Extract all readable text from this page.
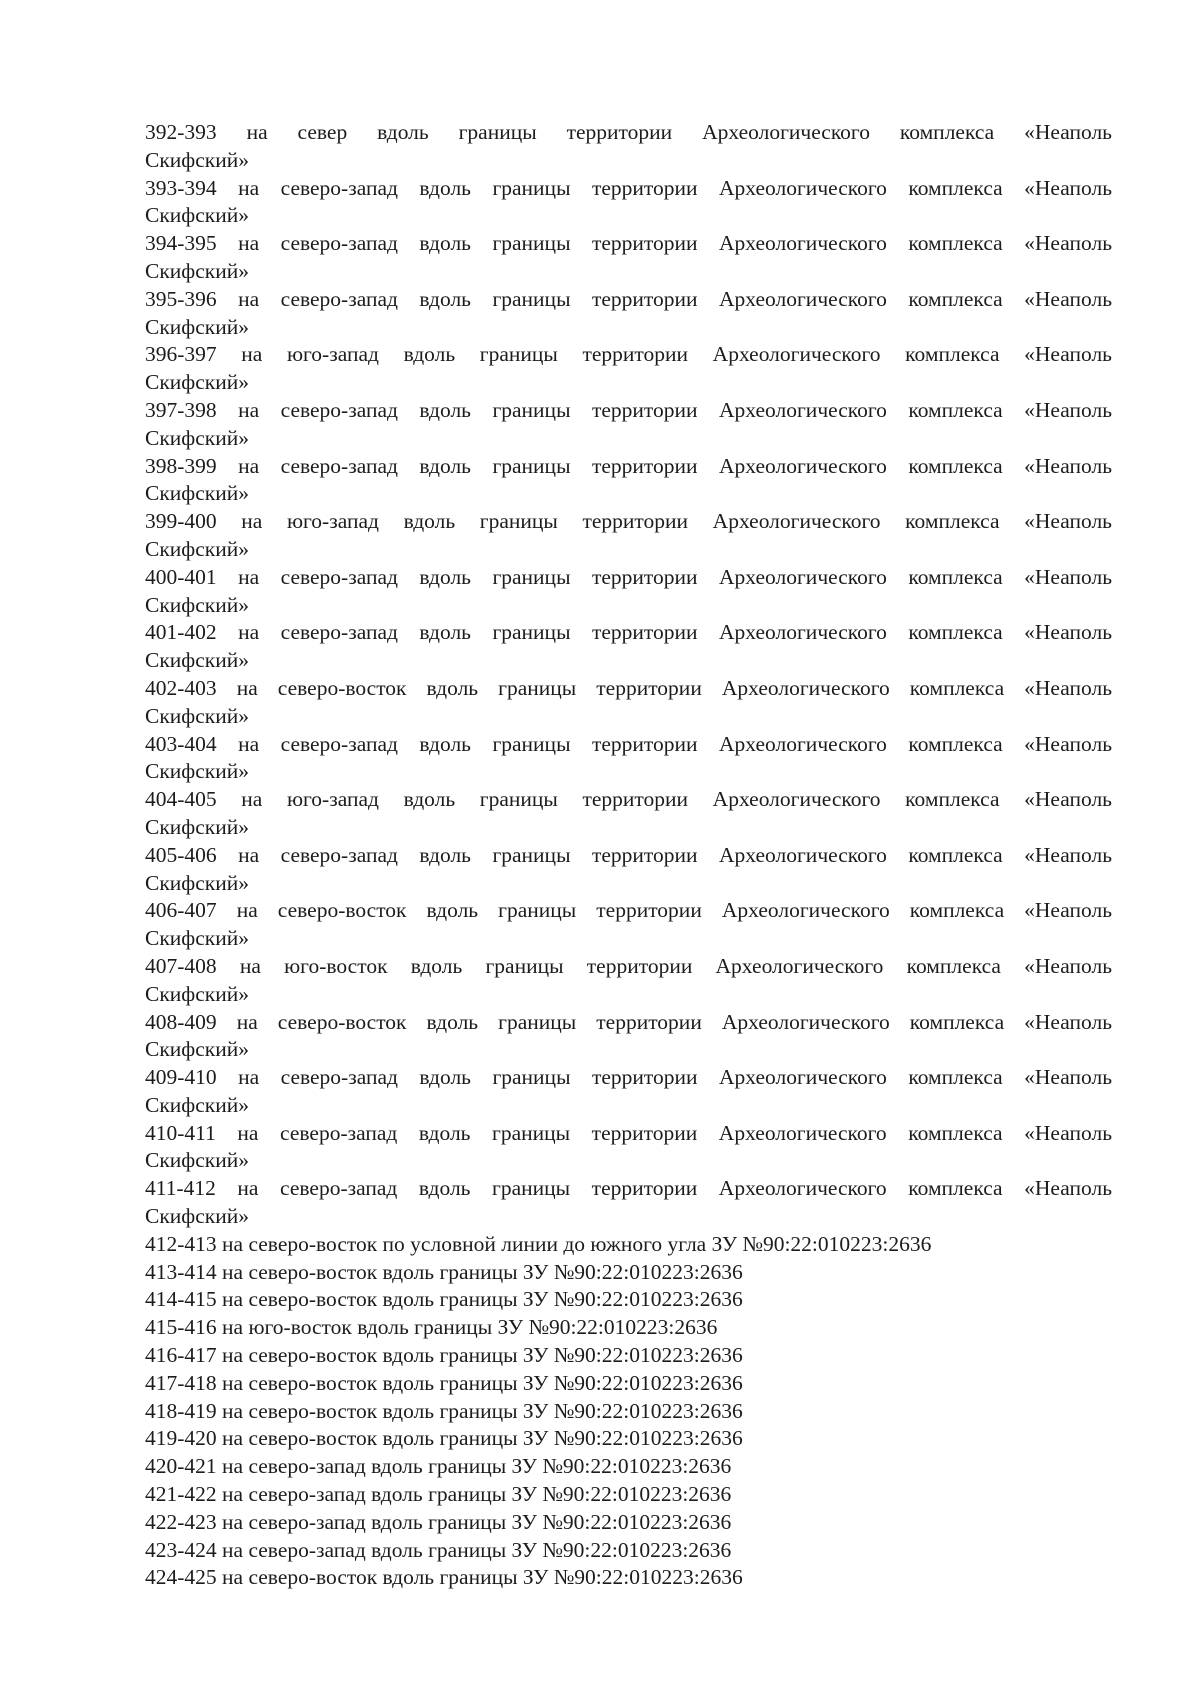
392-393 на север вдоль границы территории Археологического комплекса «Неаполь
Скифский»

393-394 на северо-запад вдоль границы территории Археологического комплекса «Неаполь
Скифский»

394-395 на северо-запад вдоль границы территории Археологического комплекса «Неаполь
Скифский»

395-396 на северо-запад вдоль границы территории Археологического комплекса «Неаполь
Скифский»

396-397 на юго-запад вдоль границы территории Археологического комплекса «Неаполь
Скифский»

397-398 на северо-запад вдоль границы территории Археологического комплекса «Неаполь
Скифский»

398-399 на северо-запад вдоль границы территории Археологического комплекса «Неаполь
Скифский»

399-400 на юго-запад вдоль границы территории Археологического комплекса «Неаполь
Скифский»

400-401 на северо-запад вдоль границы территории Археологического комплекса «Неаполь
Скифский»

401-402 на северо-запад вдоль границы территории Археологического комплекса «Неаполь
Скифский»

402-403 на северо-восток вдоль границы территории Археологического комплекса «Неаполь
Скифский»

403-404 на северо-запад вдоль границы территории Археологического комплекса «Неаполь
Скифский»

404-405 на юго-запад вдоль границы территории Археологического комплекса «Неаполь
Скифский»

405-406 на северо-запад вдоль границы территории Археологического комплекса «Неаполь
Скифский»

406-407 на северо-восток вдоль границы территории Археологического комплекса «Неаполь
Скифский»

407-408 на юго-восток вдоль границы территории Археологического комплекса «Неаполь
Скифский»

408-409 на северо-восток вдоль границы территории Археологического комплекса «Неаполь
Скифский»

409-410 на северо-запад вдоль границы территории Археологического комплекса «Неаполь
Скифский»

410-411 на северо-запад вдоль границы территории Археологического комплекса «Неаполь
Скифский»

411-412 на северо-запад вдоль границы территории Археологического комплекса «Неаполь
Скифский»

412-413 на северо-восток по условной линии до южного угла ЗУ №90:22:010223:2636

413-414 на северо-восток вдоль границы ЗУ №90:22:010223:2636

414-415 на северо-восток вдоль границы ЗУ №90:22:010223:2636

415-416 на юго-восток вдоль границы ЗУ №90:22:010223:2636

416-417 на северо-восток вдоль границы ЗУ №90:22:010223:2636

417-418 на северо-восток вдоль границы ЗУ №90:22:010223:2636

418-419 на северо-восток вдоль границы ЗУ №90:22:010223:2636

419-420 на северо-восток вдоль границы ЗУ №90:22:010223:2636

420-421 на северо-запад вдоль границы ЗУ №90:22:010223:2636

421-422 на северо-запад вдоль границы ЗУ №90:22:010223:2636

422-423 на северо-запад вдоль границы ЗУ №90:22:010223:2636

423-424 на северо-запад вдоль границы ЗУ №90:22:010223:2636

424-425 на северо-восток вдоль границы ЗУ №90:22:010223:2636
